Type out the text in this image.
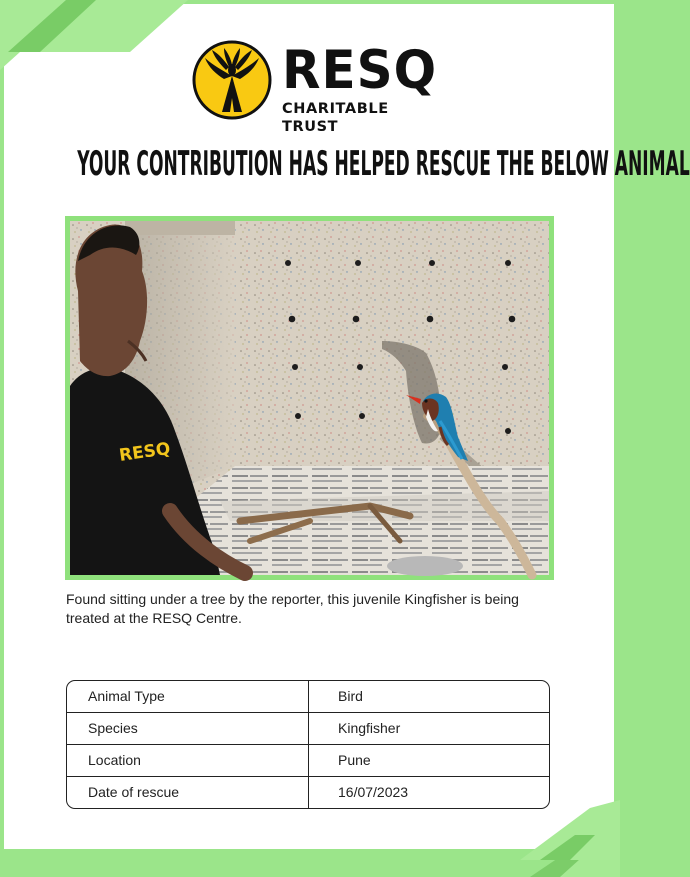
RESQ
CHARITABLE TRUST
YOUR CONTRIBUTION HAS HELPED RESCUE THE BELOW ANIMAL
RESQ
Found sitting under a tree by the reporter, this juvenile Kingfisher is being treated at the RESQ Centre.
Animal Type	Bird
Species	Kingfisher
Location	Pune
Date of rescue	16/07/2023
